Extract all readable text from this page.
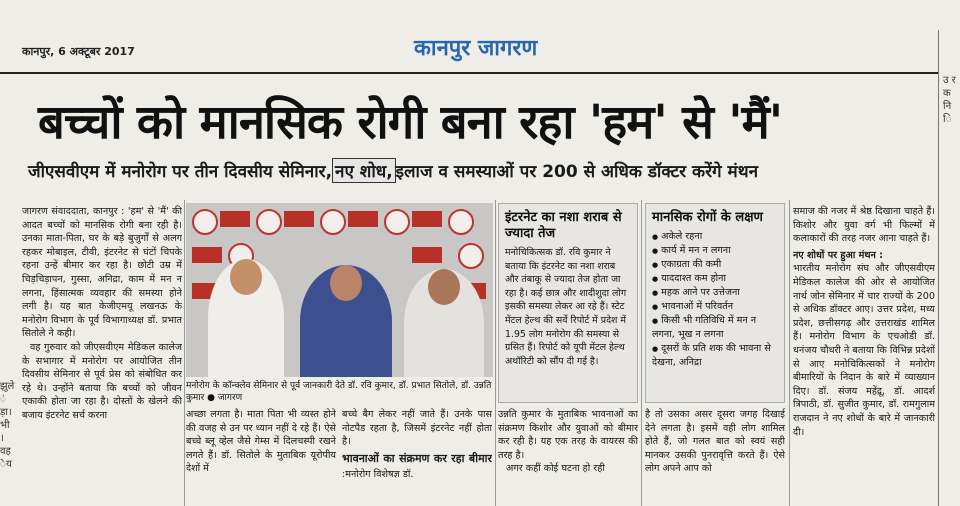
कानपुर, 6 अक्टूबर 2017	कानपुर जागरण
बच्चों को मानसिक रोगी बना रहा 'हम' से 'मैं'
जीएसवीएम में मनोरोग पर तीन दिवसीय सेमिनार, नए शोध, इलाज व समस्याओं पर 200 से अधिक डॉक्टर करेंगे मंथन
झुले ं ड़ा। भी । वह ेय
जागरण संवाददाता, कानपुर : 'हम' से 'मैं' की आदत बच्चों को मानसिक रोगी बना रही है। उनका माता-पिता, घर के बड़े बुजुर्गों से अलग रहकर मोबाइल, टीवी, इंटरनेट से घंटों चिपके रहना उन्हें बीमार कर रहा है। छोटी उम्र में चिड़चिड़ापन, गुस्सा, अनिद्रा, काम में मन न लगना, हिंसात्मक व्यवहार की समस्या होने लगी है। यह बात केजीएमयू लखनऊ के मनोरोग विभाग के पूर्व विभागाध्यक्ष डॉ. प्रभात सितोले ने कही।
वह गुरुवार को जीएसवीएम मेडिकल कालेज के सभागार में मनोरोग पर आयोजित तीन दिवसीय सेमिनार से पूर्व प्रेस को संबोधित कर रहे थे। उन्होंने बताया कि बच्चों को जीवन एकाकी होता जा रहा है। दोस्तों के खेलने की बजाय इंटरनेट सर्च करना
मनोरोग के कॉन्क्लेव सेमिनार से पूर्व जानकारी देते डॉ. रवि कुमार, डॉ. प्रभात सितोले, डॉ. उन्नति कुमार ● जागरण
अच्छा लगता है। माता पिता भी व्यस्त होने की वजह से उन पर ध्यान नहीं दे रहे हैं। ऐसे बच्चे ब्लू व्हेल जैसे गेम्स में दिलचस्पी रखने लगते हैं। डॉ. सितोले के मुताबिक यूरोपीय देशों में
बच्चे बैग लेकर नहीं जाते हैं। उनके पास नोटपैड रहता है, जिसमें इंटरनेट नहीं होता है।
भावनाओं का संक्रमण कर रहा बीमार :मनोरोग विशेषज्ञ डॉ.
इंटरनेट का नशा शराब से ज्यादा तेज
मनोचिकित्सक डॉ. रवि कुमार ने बताया कि इंटरनेट का नशा शराब और तंबाकू से ज्यादा तेज होता जा रहा है। कई छात्र और शादीशुदा लोग इसकी समस्या लेकर आ रहे हैं। स्टेट मेंटल हेल्थ की सर्वे रिपोर्ट में प्रदेश में 1.95 लोग मनोरोग की समस्या से ग्रसित हैं। रिपोर्ट को यूपी मेंटल हेल्थ अथॉरिटी को सौंप दी गई है।
उन्नति कुमार के मुताबिक भावनाओं का संक्रमण किशोर और युवाओं को बीमार कर रही है। यह एक तरह के वायरस की तरह है।
अगर कहीं कोई घटना हो रही
मानसिक रोगों के लक्षण

● अकेले रहना

● कार्य में मन न लगना

● एकाग्रता की कमी

● याददाश्त कम होना

● महक आने पर उत्तेजना

● भावनाओं में परिवर्तन

● किसी भी गतिविधि में मन न लगना, भूख न लगना

● दूसरों के प्रति शक की भावना से देखना, अनिद्रा

है तो उसका असर दूसरा जगह दिखाई देने लगता है। इसमें वही लोग शामिल होते हैं, जो गलत बात को स्वयं सही मानकर उसकी पुनरावृत्ति करते हैं। ऐसे लोग अपने आप को
समाज की नजर में श्रेष्ठ दिखाना चाहते हैं। किशोर और युवा वर्ग भी फिल्मों में कलाकारों की तरह नजर आना चाहते हैं।
नए शोधों पर हुआ मंथन :
भारतीय मनोरोग संघ और जीएसवीएम मेडिकल कालेज की ओर से आयोजित नार्थ जोन सेमिनार में चार राज्यों के 200 से अधिक डॉक्टर आए। उत्तर प्रदेश, मध्य प्रदेश, छत्तीसगढ़ और उत्तराखंड शामिल हैं। मनोरोग विभाग के एचओडी डॉ. धनंजय चौधरी ने बताया कि विभिन्न प्रदेशों से आए मनोचिकित्सकों ने मनोरोग बीमारियों के निदान के बारे में व्याख्यान दिए। डॉ. संजय महेंद्रू, डॉ. आदर्श त्रिपाठी, डॉ. सुजीत कुमार, डॉ. रामगुलाम राजदान ने नए शोधों के बारे में जानकारी दी।
उ र क नि ि
